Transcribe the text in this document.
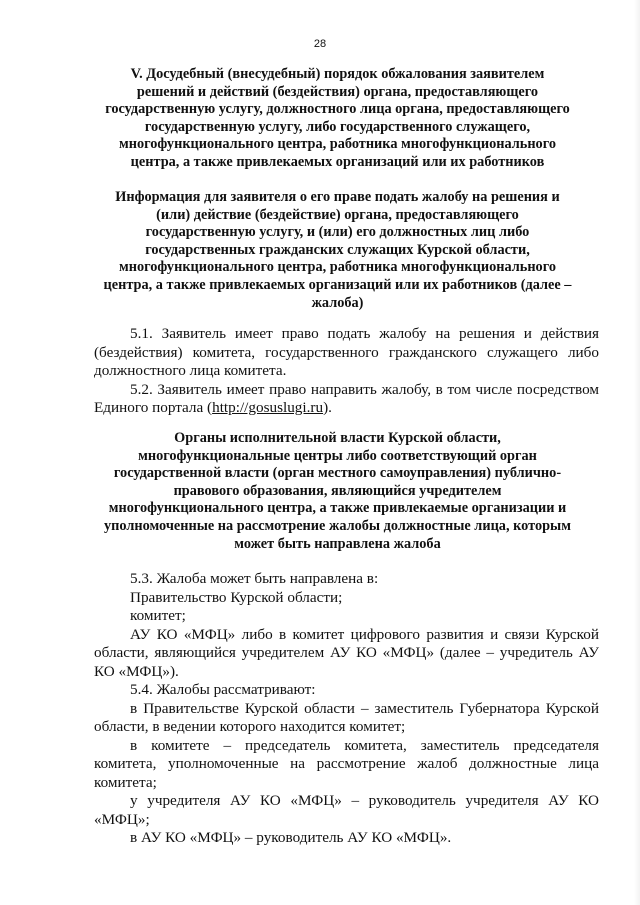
28
V. Досудебный (внесудебный) порядок обжалования заявителем
решений и действий (бездействия) органа, предоставляющего
государственную услугу, должностного лица органа, предоставляющего
государственную услугу, либо государственного служащего,
многофункционального центра, работника многофункционального
центра, а также привлекаемых организаций или их работников
Информация для заявителя о его праве подать жалобу на решения и
(или) действие (бездействие) органа, предоставляющего
государственную услугу, и (или) его должностных лиц либо
государственных гражданских служащих Курской области,
многофункционального центра, работника многофункционального
центра, а также привлекаемых организаций или их работников (далее –
жалоба)
5.1. Заявитель имеет право подать жалобу на решения и действия
(бездействия) комитета, государственного гражданского служащего либо
должностного лица комитета.
5.2. Заявитель имеет право направить жалобу, в том числе посредством
Единого портала (http://gosuslugi.ru).
Органы исполнительной власти Курской области,
многофункциональные центры либо соответствующий орган
государственной власти (орган местного самоуправления) публично-
правового образования, являющийся учредителем
многофункционального центра, а также привлекаемые организации и
уполномоченные на рассмотрение жалобы должностные лица, которым
может быть направлена жалоба
5.3. Жалоба может быть направлена в:
Правительство Курской области;
комитет;
АУ КО «МФЦ» либо в комитет цифрового развития и связи Курской
области, являющийся учредителем АУ КО «МФЦ» (далее – учредитель АУ
КО «МФЦ»).
5.4. Жалобы рассматривают:
в Правительстве Курской области – заместитель Губернатора Курской
области, в ведении которого находится комитет;
в комитете – председатель комитета, заместитель председателя
комитета, уполномоченные на рассмотрение жалоб должностные лица
комитета;
у учредителя АУ КО «МФЦ» – руководитель учредителя АУ КО
«МФЦ»;
в АУ КО «МФЦ» – руководитель АУ КО «МФЦ».
